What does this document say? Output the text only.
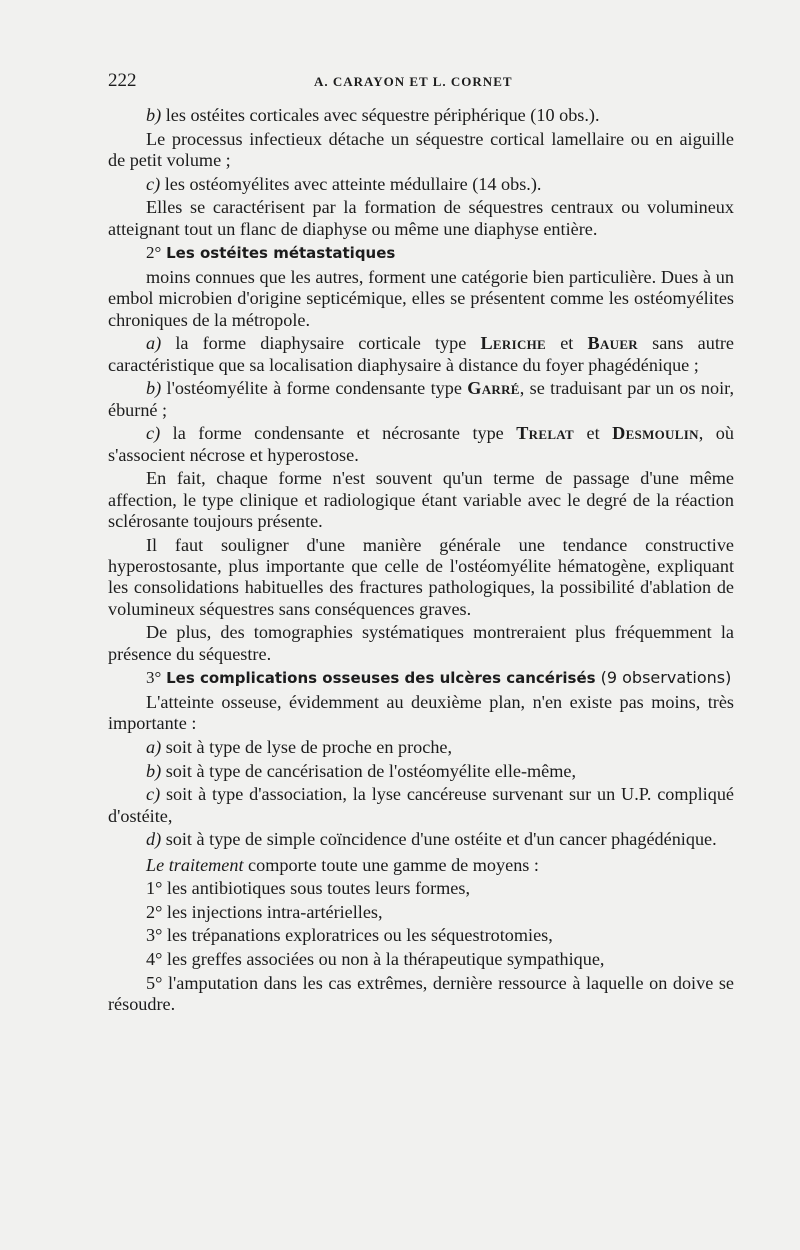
222	A. CARAYON ET L. CORNET

b) les ostéites corticales avec séquestre périphérique (10 obs.).

Le processus infectieux détache un séquestre cortical lamellaire ou en aiguille de petit volume ;

c) les ostéomyélites avec atteinte médullaire (14 obs.).

Elles se caractérisent par la formation de séquestres centraux ou volumineux atteignant tout un flanc de diaphyse ou même une diaphyse entière.

2° Les ostéites métastatiques

moins connues que les autres, forment une catégorie bien particulière. Dues à un embol microbien d'origine septicémique, elles se présentent comme les ostéomyélites chroniques de la métropole.

a) la forme diaphysaire corticale type Leriche et Bauer sans autre caractéristique que sa localisation diaphysaire à distance du foyer phagédénique ;

b) l'ostéomyélite à forme condensante type Garré, se traduisant par un os noir, éburné ;

c) la forme condensante et nécrosante type Trelat et Desmoulin, où s'associent nécrose et hyperostose.

En fait, chaque forme n'est souvent qu'un terme de passage d'une même affection, le type clinique et radiologique étant variable avec le degré de la réaction sclérosante toujours présente.

Il faut souligner d'une manière générale une tendance constructive hyperostosante, plus importante que celle de l'ostéomyélite hématogène, expliquant les consolidations habituelles des fractures pathologiques, la possibilité d'ablation de volumineux séquestres sans conséquences graves.

De plus, des tomographies systématiques montreraient plus fréquemment la présence du séquestre.

3° Les complications osseuses des ulcères cancérisés (9 observations)

L'atteinte osseuse, évidemment au deuxième plan, n'en existe pas moins, très importante :

a) soit à type de lyse de proche en proche,

b) soit à type de cancérisation de l'ostéomyélite elle-même,

c) soit à type d'association, la lyse cancéreuse survenant sur un U.P. compliqué d'ostéite,

d) soit à type de simple coïncidence d'une ostéite et d'un cancer phagédénique.

Le traitement comporte toute une gamme de moyens :

1° les antibiotiques sous toutes leurs formes,

2° les injections intra-artérielles,

3° les trépanations exploratrices ou les séquestrotomies,

4° les greffes associées ou non à la thérapeutique sympathique,

5° l'amputation dans les cas extrêmes, dernière ressource à laquelle on doive se résoudre.
